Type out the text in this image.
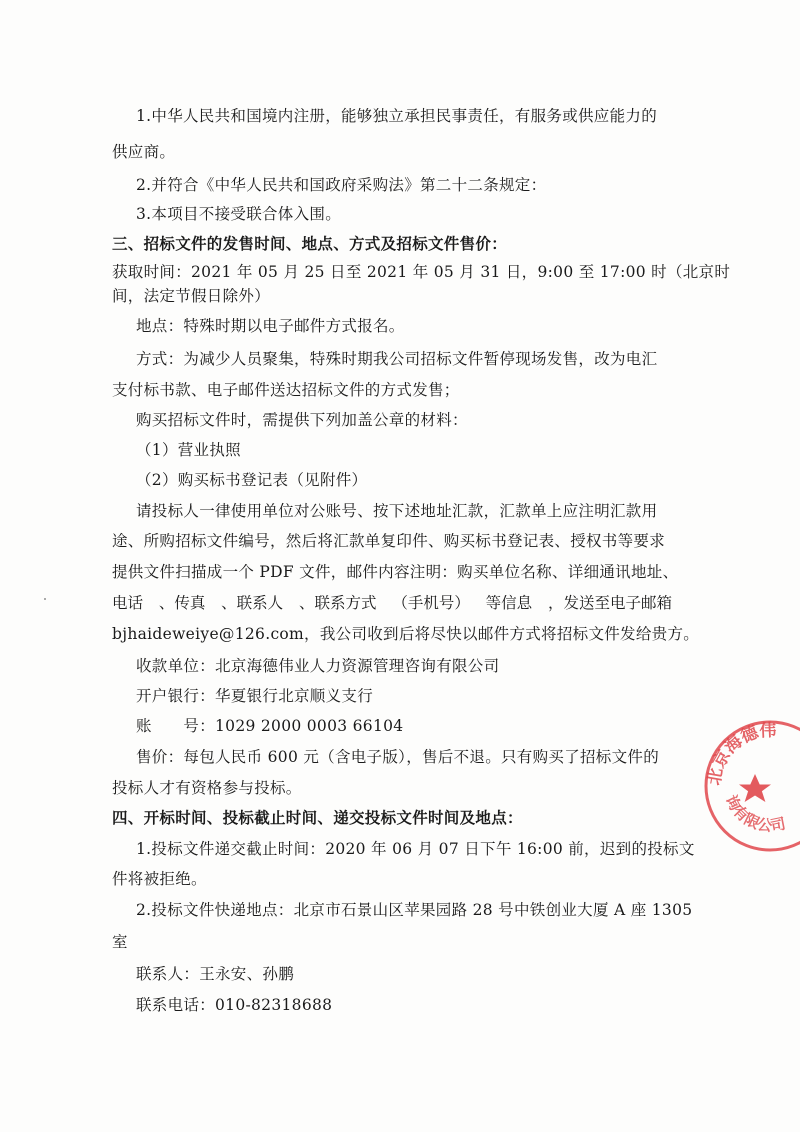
1.中华人民共和国境内注册，能够独立承担民事责任，有服务或供应能力的
供应商。
2.并符合《中华人民共和国政府采购法》第二十二条规定：
3.本项目不接受联合体入围。
三、招标文件的发售时间、地点、方式及招标文件售价：
获取时间：2021 年 05 月 25 日至 2021 年 05 月 31 日，9:00 至 17:00 时（北京时
间，法定节假日除外）
地点：特殊时期以电子邮件方式报名。
方式：为减少人员聚集，特殊时期我公司招标文件暂停现场发售，改为电汇
支付标书款、电子邮件送达招标文件的方式发售；
购买招标文件时，需提供下列加盖公章的材料：
（1）营业执照
（2）购买标书登记表（见附件）
请投标人一律使用单位对公账号、按下述地址汇款，汇款单上应注明汇款用
途、所购招标文件编号，然后将汇款单复印件、购买标书登记表、授权书等要求
提供文件扫描成一个 PDF 文件，邮件内容注明：购买单位名称、详细通讯地址、
电话 、传真 、联系人 、联系方式 （手机号） 等信息 ，发送至电子邮箱
bjhaideweiye@126.com，我公司收到后将尽快以邮件方式将招标文件发给贵方。
收款单位：北京海德伟业人力资源管理咨询有限公司
开户银行：华夏银行北京顺义支行
账　　号：1029 2000 0003 66104
售价：每包人民币 600 元（含电子版），售后不退。只有购买了招标文件的
投标人才有资格参与投标。
四、开标时间、投标截止时间、递交投标文件时间及地点：
1.投标文件递交截止时间：2020 年 06 月 07 日下午 16:00 前，迟到的投标文
件将被拒绝。
2.投标文件快递地点：北京市石景山区苹果园路 28 号中铁创业大厦 A 座 1305
室
联系人：王永安、孙鹏
联系电话：010-82318688
北京海德伟
询有限公司
